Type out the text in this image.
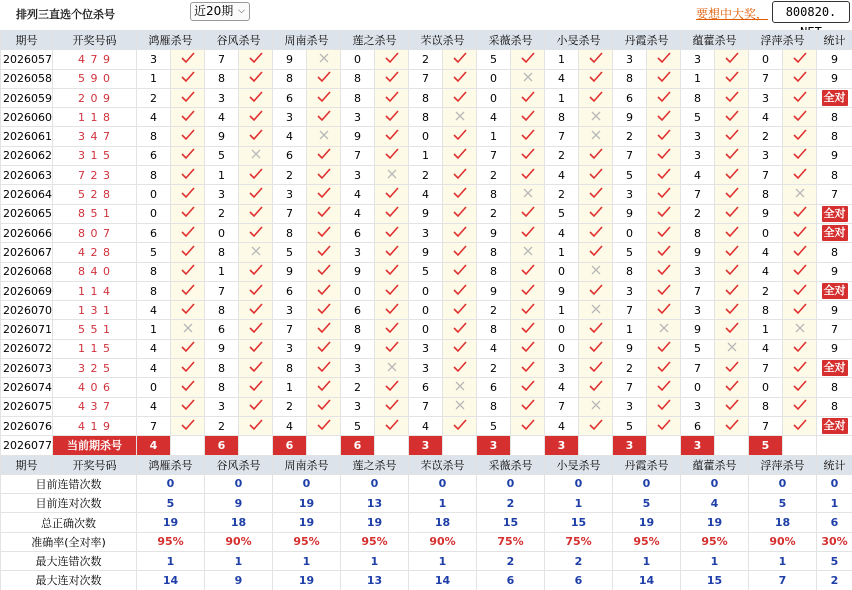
排列三直选个位杀号	近20期 ⌵	要想中大奖，	800820.
期号	开奖号码	鸿雁杀号		谷风杀号		周南杀号		莲之杀号		芣苡杀号		采薇杀号		小旻杀号		丹霞杀号		蕴藿杀号		浮萍杀号		统计
2026057	4 7 9	3		7		9		0		2		5		1		3		3		0		9
2026058	5 9 0	1		8		8		8		7		0		4		8		1		7		9
2026059	2 0 9	2		3		6		8		8		0		1		6		8		3		全对
2026060	1 1 8	4		4		3		3		8		4		8		9		5		4		8
2026061	3 4 7	8		9		4		9		0		1		7		2		3		2		8
2026062	3 1 5	6		5		6		7		1		7		2		7		3		3		9
2026063	7 2 3	8		1		2		3		2		2		4		5		4		7		8
2026064	5 2 8	0		3		3		4		4		8		2		3		7		8		7
2026065	8 5 1	0		2		7		4		9		2		5		9		2		9		全对
2026066	8 0 7	6		0		8		6		3		9		4		0		8		0		全对
2026067	4 2 8	5		8		5		3		9		8		1		5		9		4		8
2026068	8 4 0	8		1		9		9		5		8		0		8		3		4		9
2026069	1 1 4	8		7		6		0		0		9		9		3		7		2		全对
2026070	1 3 1	4		8		3		6		0		2		1		7		3		8		9
2026071	5 5 1	1		6		7		8		0		8		0		1		9		1		7
2026072	1 1 5	4		9		3		9		3		4		0		9		5		4		9
2026073	3 2 5	4		8		8		3		3		2		3		2		7		7		全对
2026074	4 0 6	0		8		1		2		6		6		4		7		0		0		8
2026075	4 3 7	4		3		2		3		7		8		7		3		3		8		8
2026076	4 1 9	7		2		4		5		4		5		4		5		6		7		全对
2026077	当前期杀号	4		6		6		6		3		3		3		3		3		5		
期号	开奖号码	鸿雁杀号		谷风杀号		周南杀号		莲之杀号		芣苡杀号		采薇杀号		小旻杀号		丹霞杀号		蕴藿杀号		浮萍杀号		统计
目前连错次数		0		0		0		0		0		0		0		0		0		0		0
目前连对次数		5		9		19		13		1		2		1		5		4		5		1
总正确次数		19		18		19		19		18		15		15		19		19		18		6
准确率(全对率)		95%		90%		95%		95%		90%		75%		75%		95%		95%		90%		30%
最大连错次数		1		1		1		1		1		2		2		1		1		1		5
最大连对次数		14		9		19		13		14		6		6		14		15		7		2
